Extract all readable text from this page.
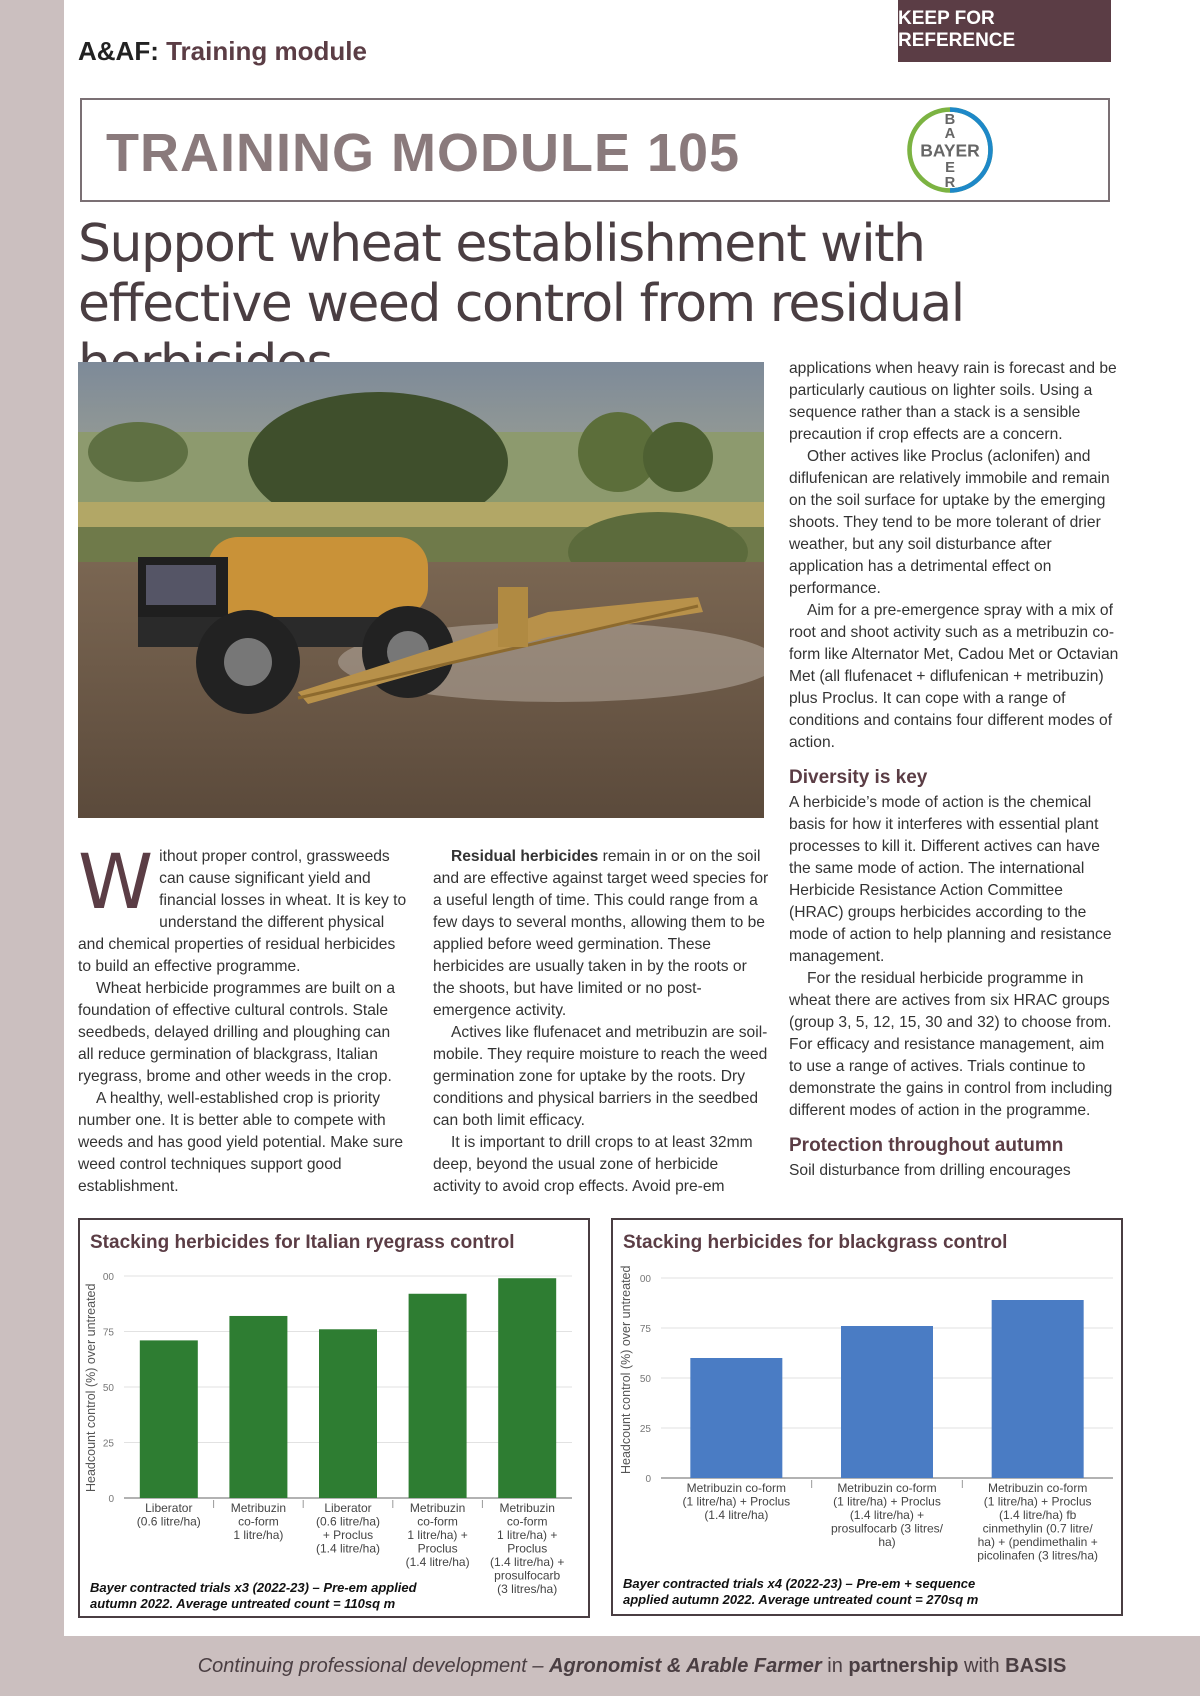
A&AF: Training module
KEEP FOR REFERENCE
TRAINING MODULE 105
B
A
BAYER
E
R
Support wheat establishment with effective weed control from residual

Without proper control, grassweeds can cause significant yield and financial losses in wheat. It is key to understand the different physical and chemical properties of residual herbicides to build an effective programme.

Wheat herbicide programmes are built on a foundation of effective cultural controls. Stale seedbeds, delayed drilling and ploughing can all reduce germination of blackgrass, Italian ryegrass, brome and other weeds in the crop.

A healthy, well-established crop is priority number one. It is better able to compete with weeds and has good yield potential. Make sure weed control techniques support good establishment.

Residual herbicides remain in or on the soil and are effective against target weed species for a useful length of time. This could range from a few days to several months, allowing them to be applied before weed germination. These herbicides are usually taken in by the roots or the shoots, but have limited or no post-emergence activity.

Actives like flufenacet and metribuzin are soil-mobile. They require moisture to reach the weed germination zone for uptake by the roots. Dry conditions and physical barriers in the seedbed can both limit efficacy.

It is important to drill crops to at least 32mm deep, beyond the usual zone of herbicide activity to avoid crop effects. Avoid pre-em

applications when heavy rain is forecast and be particularly cautious on lighter soils. Using a sequence rather than a stack is a sensible precaution if crop effects are a concern.

Other actives like Proclus (aclonifen) and diflufenican are relatively immobile and remain on the soil surface for uptake by the emerging shoots. They tend to be more tolerant of drier weather, but any soil disturbance after application has a detrimental effect on performance.

Aim for a pre-emergence spray with a mix of root and shoot activity such as a metribuzin co-form like Alternator Met, Cadou Met or Octavian Met (all flufenacet + diflufenican + metribuzin) plus Proclus. It can cope with a range of conditions and contains four different modes of action.

Diversity is key

A herbicide’s mode of action is the chemical basis for how it interferes with essential plant processes to kill it. Different actives can have the same mode of action. The international Herbicide Resistance Action Committee (HRAC) groups herbicides according to the mode of action to help planning and resistance management.

For the residual herbicide programme in wheat there are actives from six HRAC groups (group 3, 5, 12, 15, 30 and 32) to choose from. For efficacy and resistance management, aim to use a range of actives. Trials continue to demonstrate the gains in control from including different modes of action in the programme.

Protection throughout autumn

Soil disturbance from drilling encourages

Stacking herbicides for Italian ryegrass control
Headcount control (%) over untreated
00
75
50
25
0
Liberator (0.6 litre/ha)
Metribuzin co-form 1 litre/ha)
Liberator (0.6 litre/ha) + Proclus (1.4 litre/ha)
Metribuzin co-form 1 litre/ha) + Proclus (1.4 litre/ha)
Metribuzin co-form 1 litre/ha) + Proclus (1.4 litre/ha) + prosulfocarb (3 litres/ha)
Bayer contracted trials x3 (2022-23) – Pre-em applied autumn 2022. Average untreated count = 110sq m
Stacking herbicides for blackgrass control
Headcount control (%) over untreated 00
75
50
25
0
Metribuzin co-form (1 litre/ha) + Proclus (1.4 litre/ha)
Metribuzin co-form (1 litre/ha) + Proclus (1.4 litre/ha) + prosulfocarb (3 litres/ ha)
Metribuzin co-form (1 litre/ha) + Proclus (1.4 litre/ha) fb cinmethylin (0.7 litre/ ha) + (pendimethalin + picolinafen (3 litres/ha)
Bayer contracted trials x4 (2022-23) – Pre-em + sequence applied autumn 2022. Average untreated count = 270sq m
Continuing professional development –
Agronomist & Arable Farmer
in
partnership
with
BASIS
